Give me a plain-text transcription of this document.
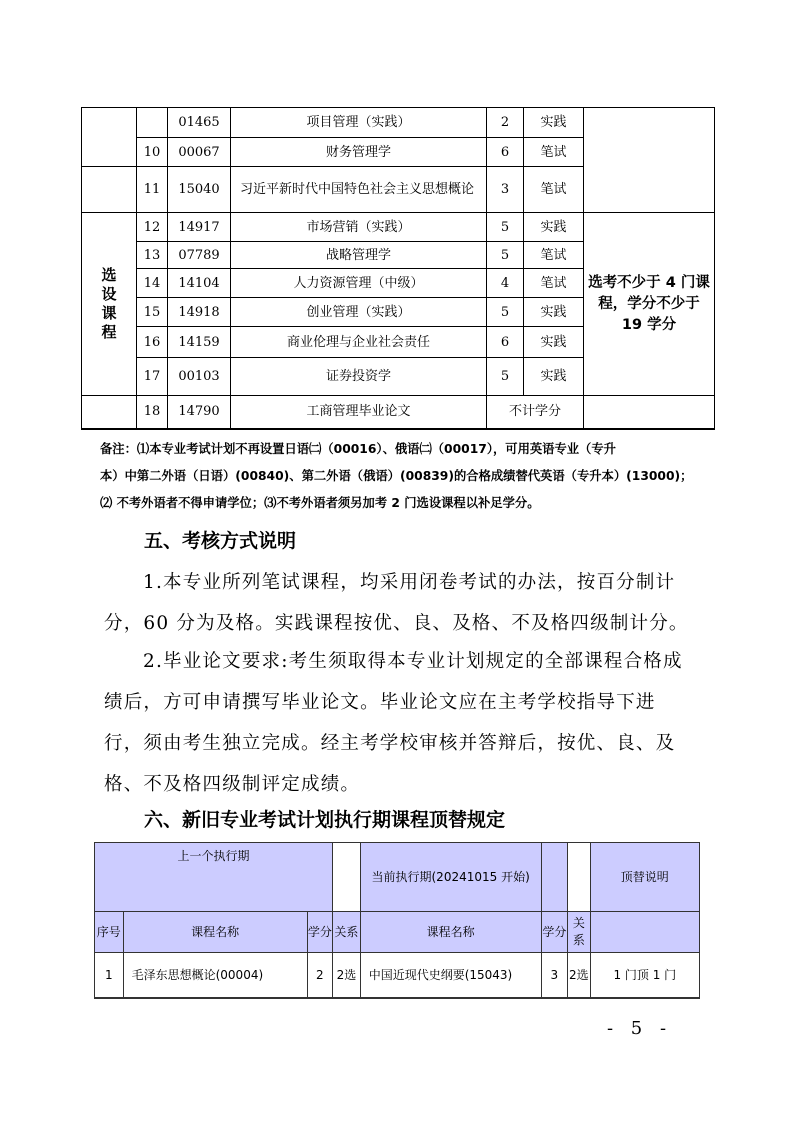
		01465	项目管理（实践）	2	实践	
	10	00067	财务管理学	6	笔试	
	11	15040	习近平新时代中国特色社会主义思想概论	3	笔试	

选设课程	12	14917	市场营销（实践）	5	实践	选考不少于 4 门课程，学分不少于 19 学分
	13	07789	战略管理学	5	笔试	
	14	14104	人力资源管理（中级）	4	笔试	
	15	14918	创业管理（实践）	5	实践	
	16	14159	商业伦理与企业社会责任	6	实践	
	17	00103	证券投资学	5	实践	
	18	14790	工商管理毕业论文	不计学分		

备注：⑴本专业考试计划不再设置日语㈡（00016）、俄语㈡（00017），可用英语专业（专升

本）中第二外语（日语）(00840)、第二外语（俄语）(00839)的合格成绩替代英语（专升本）(13000)；

⑵ 不考外语者不得申请学位；⑶不考外语者须另加考 2 门选设课程以补足学分。

五、考核方式说明

1.本专业所列笔试课程，均采用闭卷考试的办法，按百分制计分，60 分为及格。实践课程按优、良、及格、不及格四级制计分。

2.毕业论文要求:考生须取得本专业计划规定的全部课程合格成绩后，方可申请撰写毕业论文。毕业论文应在主考学校指导下进行，须由考生独立完成。经主考学校审核并答辩后，按优、良、及格、不及格四级制评定成绩。

六、新旧专业考试计划执行期课程顶替规定
上一个执行期				当前执行期(20241015 开始)			顶替说明
序号	课程名称	学分	关系	课程名称	学分	关系	
1	毛泽东思想概论(00004)	2	2选	中国近现代史纲要(15043)	3	2选	1 门顶 1 门
- 5 -
